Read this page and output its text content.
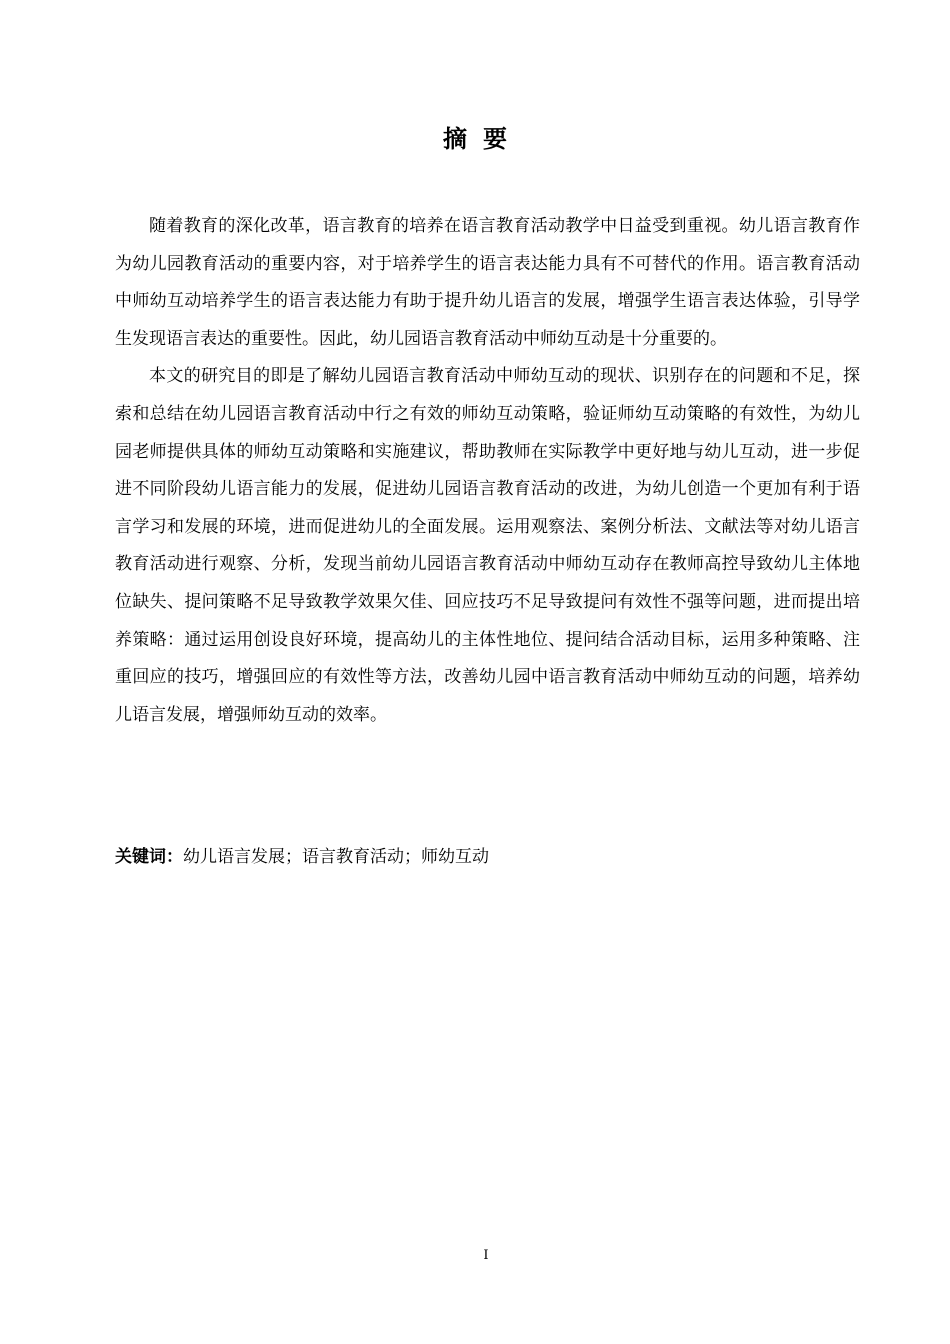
摘要

随着教育的深化改革，语言教育的培养在语言教育活动教学中日益受到重视。幼儿语言教育作为幼儿园教育活动的重要内容，对于培养学生的语言表达能力具有不可替代的作用。语言教育活动中师幼互动培养学生的语言表达能力有助于提升幼儿语言的发展，增强学生语言表达体验，引导学生发现语言表达的重要性。因此，幼儿园语言教育活动中师幼互动是十分重要的。

本文的研究目的即是了解幼儿园语言教育活动中师幼互动的现状、识别存在的问题和不足，探索和总结在幼儿园语言教育活动中行之有效的师幼互动策略，验证师幼互动策略的有效性，为幼儿园老师提供具体的师幼互动策略和实施建议，帮助教师在实际教学中更好地与幼儿互动，进一步促进不同阶段幼儿语言能力的发展，促进幼儿园语言教育活动的改进，为幼儿创造一个更加有利于语言学习和发展的环境，进而促进幼儿的全面发展。运用观察法、案例分析法、文献法等对幼儿语言教育活动进行观察、分析，发现当前幼儿园语言教育活动中师幼互动存在教师高控导致幼儿主体地位缺失、提问策略不足导致教学效果欠佳、回应技巧不足导致提问有效性不强等问题，进而提出培养策略：通过运用创设良好环境，提高幼儿的主体性地位、提问结合活动目标，运用多种策略、注重回应的技巧，增强回应的有效性等方法，改善幼儿园中语言教育活动中师幼互动的问题，培养幼儿语言发展，增强师幼互动的效率。

关键词：幼儿语言发展；语言教育活动；师幼互动
I
